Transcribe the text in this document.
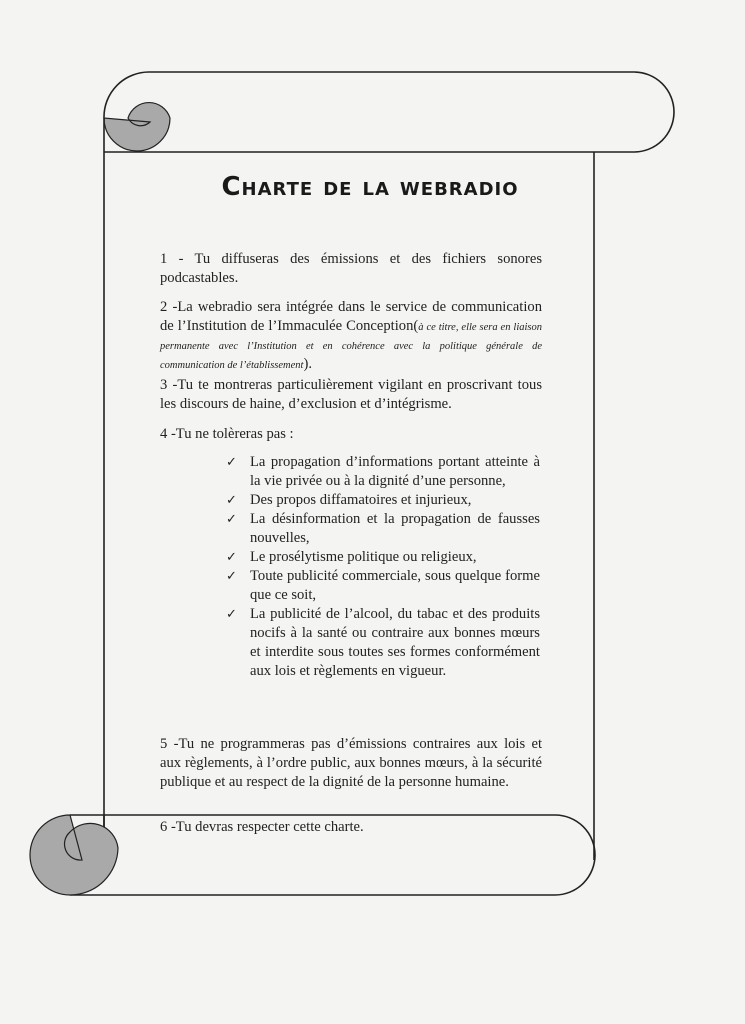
Charte de la webradio
1 - Tu diffuseras des émissions et des fichiers sonores podcastables.
2 -La webradio sera intégrée dans le service de communication de l’Institution de l’Immaculée Conception(à ce titre, elle sera en liaison permanente avec l’Institution et en cohérence avec la politique générale de communication de l’établissement).
3 -Tu te montreras particulièrement vigilant en proscrivant tous les discours de haine, d’exclusion et d’intégrisme.
4 -Tu ne tolèreras pas :
✓ La propagation d’informations portant atteinte à la vie privée ou à la dignité d’une personne,
✓ Des propos diffamatoires et injurieux,
✓ La désinformation et la propagation de fausses nouvelles,
✓ Le prosélytisme politique ou religieux,
✓ Toute publicité commerciale, sous quelque forme que ce soit,
✓ La publicité de l’alcool, du tabac et des produits nocifs à la santé ou contraire aux bonnes mœurs et interdite sous toutes ses formes conformément aux lois et règlements en vigueur.
5 -Tu ne programmeras pas d’émissions contraires aux lois et aux règlements, à l’ordre public, aux bonnes mœurs, à la sécurité publique et au respect de la dignité de la personne humaine.
6 -Tu devras respecter cette charte.
